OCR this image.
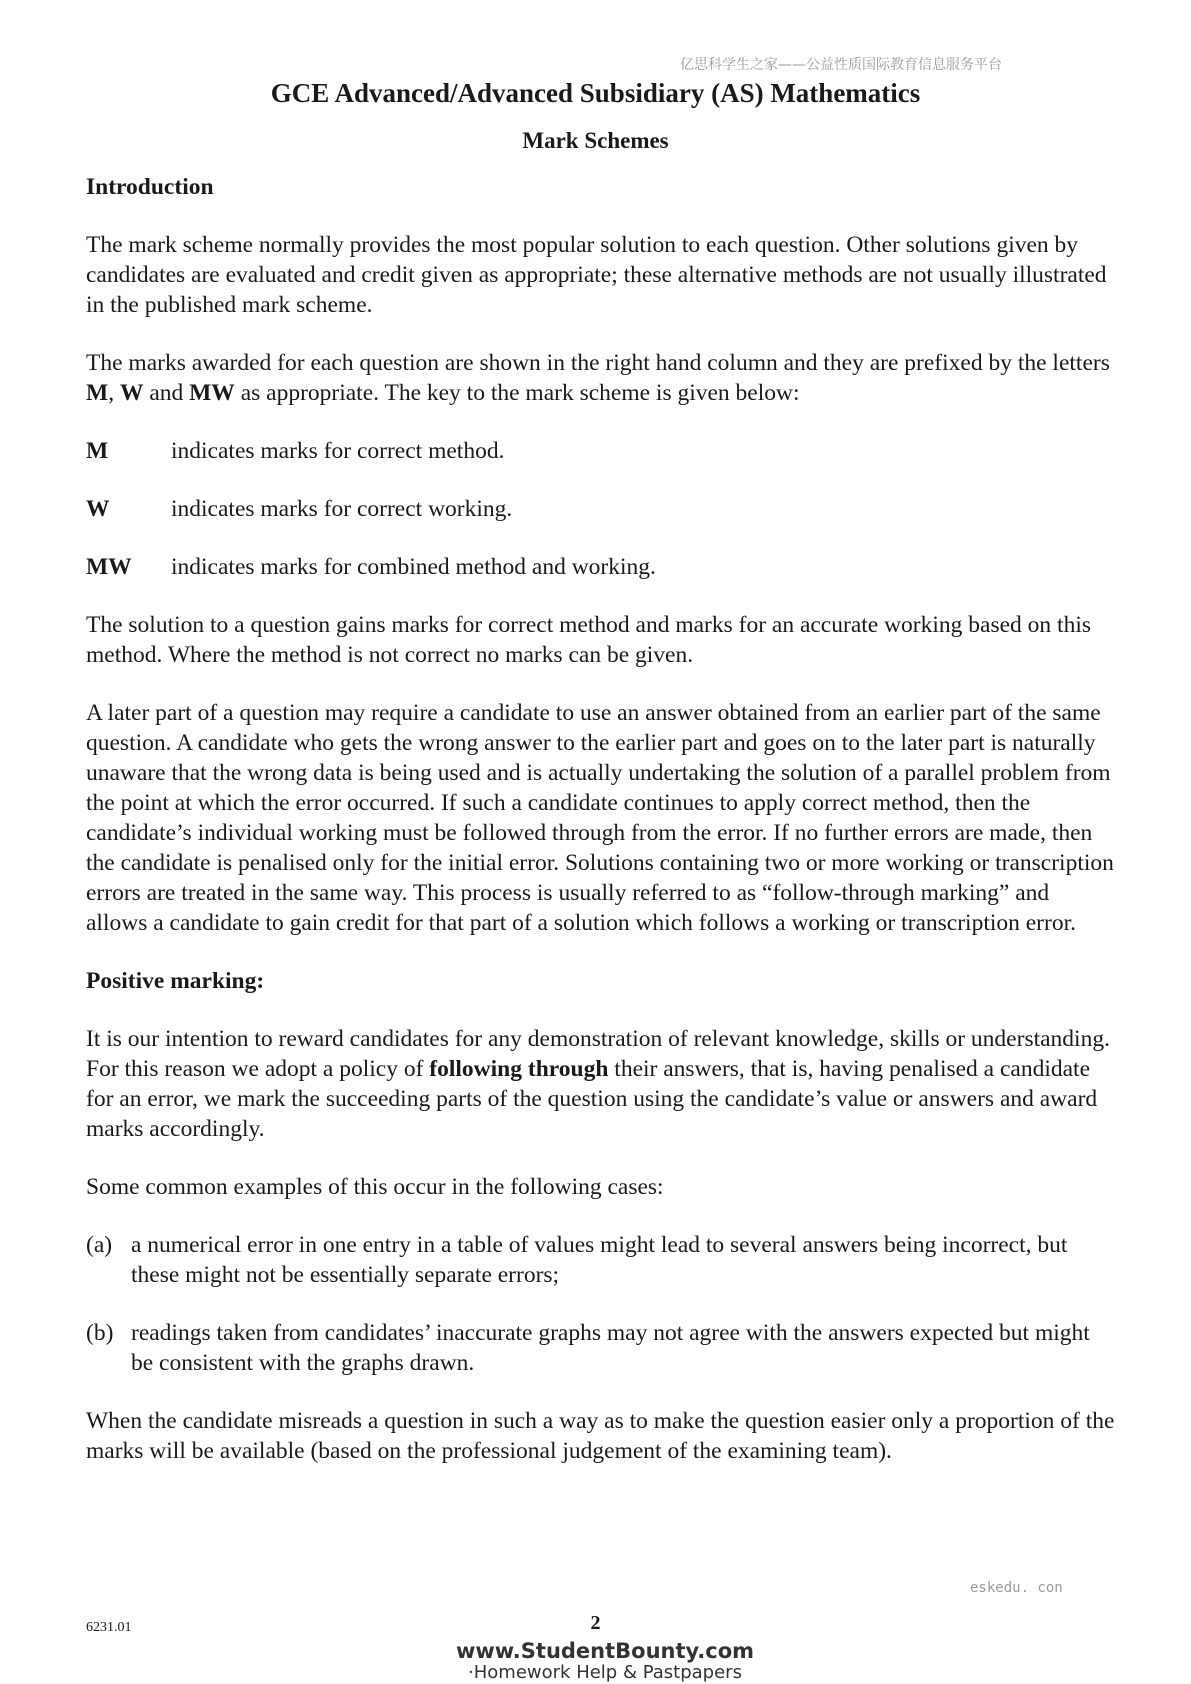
亿思科学生之家——公益性质国际教育信息服务平台
GCE Advanced/Advanced Subsidiary (AS) Mathematics
Mark Schemes

Introduction

The mark scheme normally provides the most popular solution to each question. Other solutions given by candidates are evaluated and credit given as appropriate; these alternative methods are not usually illustrated in the published mark scheme.

The marks awarded for each question are shown in the right hand column and they are prefixed by the letters M, W and MW as appropriate. The key to the mark scheme is given below:

M	indicates marks for correct method.
W	indicates marks for correct working.
MW	indicates marks for combined method and working.

The solution to a question gains marks for correct method and marks for an accurate working based on this method. Where the method is not correct no marks can be given.

A later part of a question may require a candidate to use an answer obtained from an earlier part of the same question. A candidate who gets the wrong answer to the earlier part and goes on to the later part is naturally unaware that the wrong data is being used and is actually undertaking the solution of a parallel problem from the point at which the error occurred. If such a candidate continues to apply correct method, then the candidate’s individual working must be followed through from the error. If no further errors are made, then the candidate is penalised only for the initial error. Solutions containing two or more working or transcription errors are treated in the same way. This process is usually referred to as “follow-through marking” and allows a candidate to gain credit for that part of a solution which follows a working or transcription error.

Positive marking:

It is our intention to reward candidates for any demonstration of relevant knowledge, skills or understanding. For this reason we adopt a policy of following through their answers, that is, having penalised a candidate for an error, we mark the succeeding parts of the question using the candidate’s value or answers and award marks accordingly.

Some common examples of this occur in the following cases:

(a) a numerical error in one entry in a table of values might lead to several answers being incorrect, but these might not be essentially separate errors;
(b) readings taken from candidates’ inaccurate graphs may not agree with the answers expected but might be consistent with the graphs drawn.

When the candidate misreads a question in such a way as to make the question easier only a proportion of the marks will be available (based on the professional judgement of the examining team).

eskedu. con
6231.01	2
www.StudentBounty.com
·Homework Help & Pastpapers
